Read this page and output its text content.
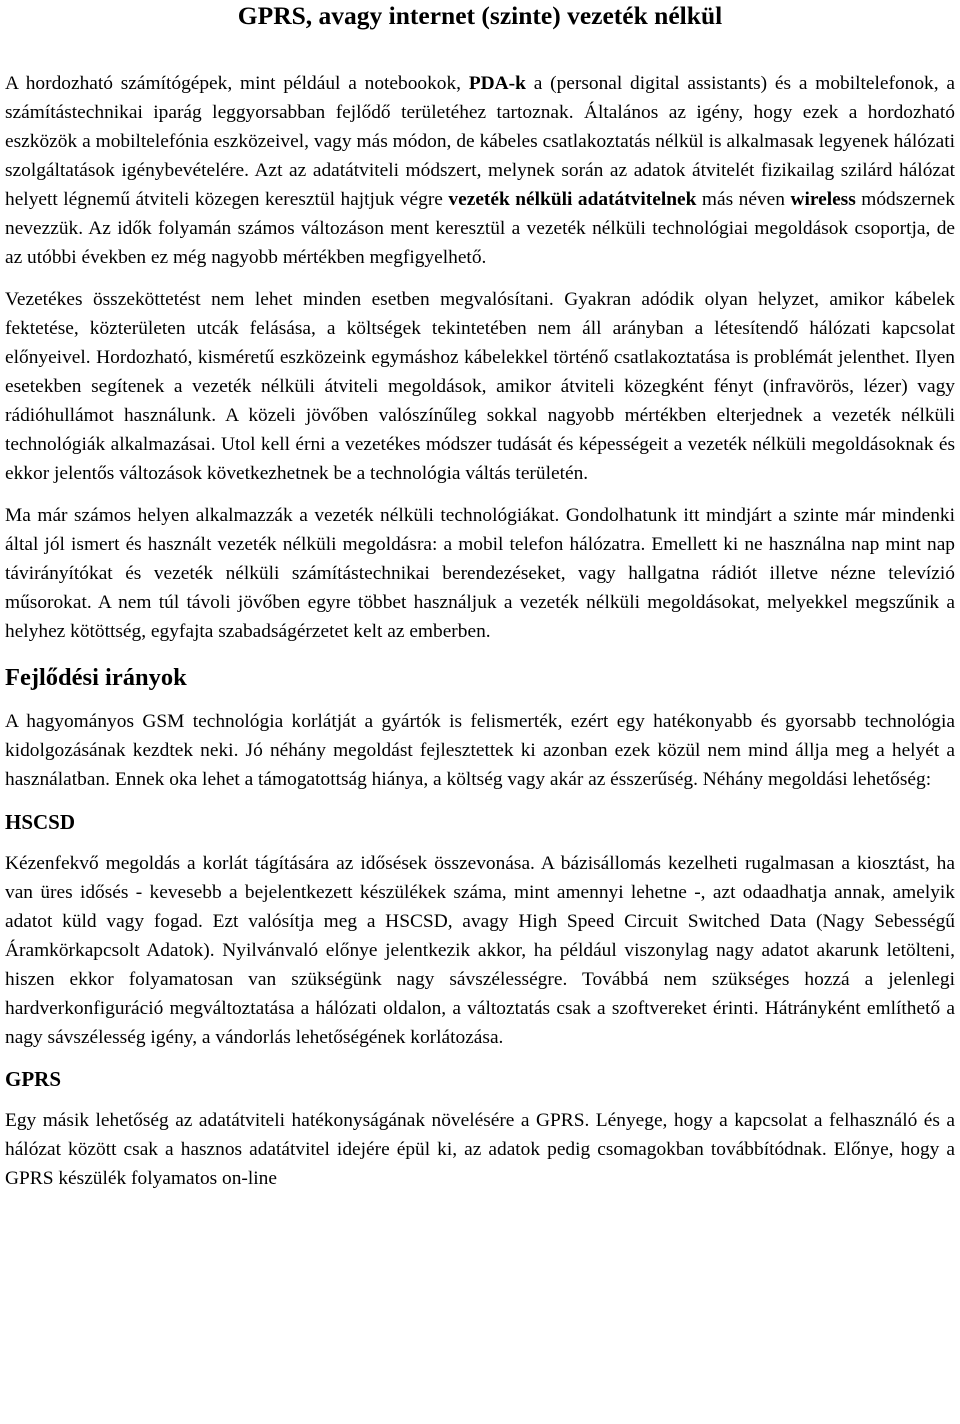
GPRS, avagy internet (szinte) vezeték nélkül

A hordozható számítógépek, mint például a notebookok, PDA-k a (personal digital assistants) és a mobiltelefonok, a számítástechnikai iparág leggyorsabban fejlődő területéhez tartoznak. Általános az igény, hogy ezek a hordozható eszközök a mobiltelefónia eszközeivel, vagy más módon, de kábeles csatlakoztatás nélkül is alkalmasak legyenek hálózati szolgáltatások igénybevételére. Azt az adatátviteli módszert, melynek során az adatok átvitelét fizikailag szilárd hálózat helyett légnemű átviteli közegen keresztül hajtjuk végre vezeték nélküli adatátvitelnek más néven wireless módszernek nevezzük. Az idők folyamán számos változáson ment keresztül a vezeték nélküli technológiai megoldások csoportja, de az utóbbi években ez még nagyobb mértékben megfigyelhető.

Vezetékes összeköttetést nem lehet minden esetben megvalósítani. Gyakran adódik olyan helyzet, amikor kábelek fektetése, közterületen utcák felásása, a költségek tekintetében nem áll arányban a létesítendő hálózati kapcsolat előnyeivel. Hordozható, kisméretű eszközeink egymáshoz kábelekkel történő csatlakoztatása is problémát jelenthet. Ilyen esetekben segítenek a vezeték nélküli átviteli megoldások, amikor átviteli közegként fényt (infravörös, lézer) vagy rádióhullámot használunk. A közeli jövőben valószínűleg sokkal nagyobb mértékben elterjednek a vezeték nélküli technológiák alkalmazásai. Utol kell érni a vezetékes módszer tudását és képességeit a vezeték nélküli megoldásoknak és ekkor jelentős változások következhetnek be a technológia váltás területén.

Ma már számos helyen alkalmazzák a vezeték nélküli technológiákat. Gondolhatunk itt mindjárt a szinte már mindenki által jól ismert és használt vezeték nélküli megoldásra: a mobil telefon hálózatra. Emellett ki ne használna nap mint nap távirányítókat és vezeték nélküli számítástechnikai berendezéseket, vagy hallgatna rádiót illetve nézne televízió műsorokat. A nem túl távoli jövőben egyre többet használjuk a vezeték nélküli megoldásokat, melyekkel megszűnik a helyhez kötöttség, egyfajta szabadságérzetet kelt az emberben.

Fejlődési irányok

A hagyományos GSM technológia korlátját a gyártók is felismerték, ezért egy hatékonyabb és gyorsabb technológia kidolgozásának kezdtek neki. Jó néhány megoldást fejlesztettek ki azonban ezek közül nem mind állja meg a helyét a használatban. Ennek oka lehet a támogatottság hiánya, a költség vagy akár az ésszerűség. Néhány megoldási lehetőség:

HSCSD

Kézenfekvő megoldás a korlát tágítására az idősések összevonása. A bázisállomás kezelheti rugalmasan a kiosztást, ha van üres idősés - kevesebb a bejelentkezett készülékek száma, mint amennyi lehetne -, azt odaadhatja annak, amelyik adatot küld vagy fogad. Ezt valósítja meg a HSCSD, avagy High Speed Circuit Switched Data (Nagy Sebességű Áramkörkapcsolt Adatok). Nyilvánvaló előnye jelentkezik akkor, ha például viszonylag nagy adatot akarunk letölteni, hiszen ekkor folyamatosan van szükségünk nagy sávszélességre. Továbbá nem szükséges hozzá a jelenlegi hardverkonfiguráció megváltoztatása a hálózati oldalon, a változtatás csak a szoftvereket érinti. Hátrányként említhető a nagy sávszélesség igény, a vándorlás lehetőségének korlátozása.

GPRS

Egy másik lehetőség az adatátviteli hatékonyságának növelésére a GPRS. Lényege, hogy a kapcsolat a felhasználó és a hálózat között csak a hasznos adatátvitel idejére épül ki, az adatok pedig csomagokban továbbítódnak. Előnye, hogy a GPRS készülék folyamatos on-line
